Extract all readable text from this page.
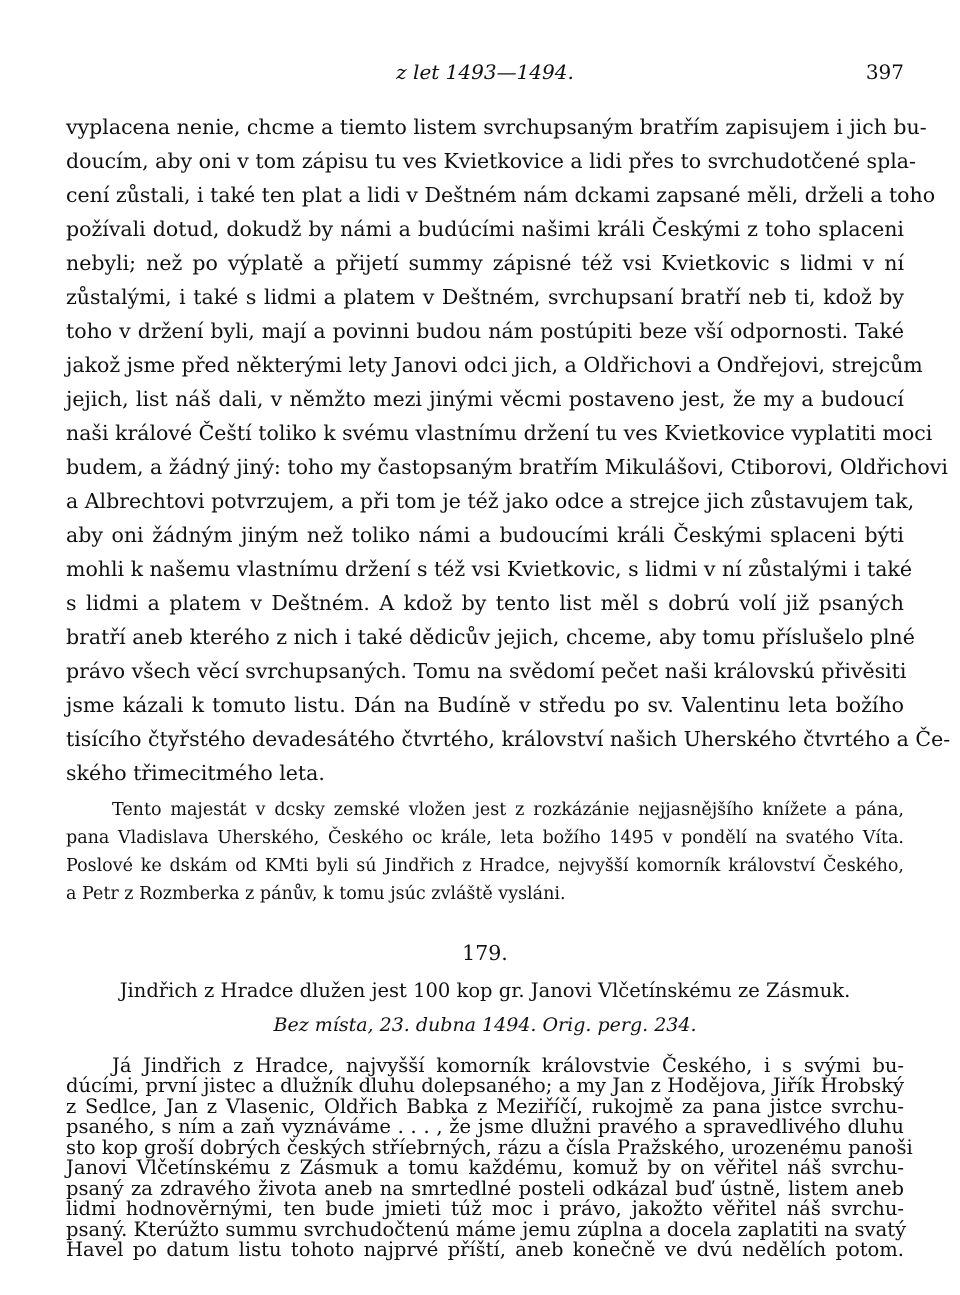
z let 1493—1494.	397
vyplacena nenie, chcme a tiemto listem svrchupsaným bratřím zapisujem i jich bu-
doucím, aby oni v tom zápisu tu ves Kvietkovice a lidi přes to svrchudotčené spla-
cení zůstali, i také ten plat a lidi v Deštném nám dckami zapsané měli, drželi a toho
požívali dotud, dokudž by námi a budúcími našimi králi Českými z toho splaceni
nebyli; než po výplatě a přijetí summy zápisné též vsi Kvietkovic s lidmi v ní
zůstalými, i také s lidmi a platem v Deštném, svrchupsaní bratří neb ti, kdož by
toho v držení byli, mají a povinni budou nám postúpiti beze vší odpornosti. Také
jakož jsme před některými lety Janovi odci jich, a Oldřichovi a Ondřejovi, strejcům
jejich, list náš dali, v němžto mezi jinými věcmi postaveno jest, že my a budoucí
naši králové Čeští toliko k svému vlastnímu držení tu ves Kvietkovice vyplatiti moci
budem, a žádný jiný: toho my častopsaným bratřím Mikulášovi, Ctiborovi, Oldřichovi
a Albrechtovi potvrzujem, a při tom je též jako odce a strejce jich zůstavujem tak,
aby oni žádným jiným než toliko námi a budoucími králi Českými splaceni býti
mohli k našemu vlastnímu držení s též vsi Kvietkovic, s lidmi v ní zůstalými i také
s lidmi a platem v Deštném. A kdož by tento list měl s dobrú volí již psaných
bratří aneb kterého z nich i také dědicův jejich, chceme, aby tomu příslušelo plné
právo všech věcí svrchupsaných. Tomu na svědomí pečet naši královskú přivěsiti
jsme kázali k tomuto listu. Dán na Budíně v středu po sv. Valentinu leta božího
tisícího čtyřstého devadesátého čtvrtého, království našich Uherského čtvrtého a Če-
ského třimecitmého leta.
Tento majestát v dcsky zemské vložen jest z rozkázánie nejjasnějšího knížete a pána,
pana Vladislava Uherského, Českého oc krále, leta božího 1495 v pondělí na svatého Víta.
Poslové ke dskám od KMti byli sú Jindřich z Hradce, nejvyšší komorník království Českého,
a Petr z Rozmberka z pánův, k tomu jsúc zvláště vysláni.
179.
Jindřich z Hradce dlužen jest 100 kop gr. Janovi Vlčetínskému ze Zásmuk.
Bez místa, 23. dubna 1494. Orig. perg. 234.
Já Jindřich z Hradce, najvyšší komorník královstvie Českého, i s svými bu-
dúcími, první jistec a dlužník dluhu dolepsaného; a my Jan z Hodějova, Jiřík Hrobský
z Sedlce, Jan z Vlasenic, Oldřich Babka z Meziříčí, rukojmě za pana jistce svrchu-
psaného, s ním a zaň vyznáváme . . . , že jsme dlužni pravého a spravedlivého dluhu
sto kop groší dobrých českých stříebrných, rázu a čísla Pražského, urozenému panoši
Janovi Vlčetínskému z Zásmuk a tomu každému, komuž by on věřitel náš svrchu-
psaný za zdravého života aneb na smrtedlné posteli odkázal buď ústně, listem aneb
lidmi hodnověrnými, ten bude jmieti túž moc i právo, jakožto věřitel náš svrchu-
psaný. Kterúžto summu svrchudočtenú máme jemu zúplna a docela zaplatiti na svatý
Havel po datum listu tohoto najprvé příští, aneb konečně ve dvú nedělích potom.
